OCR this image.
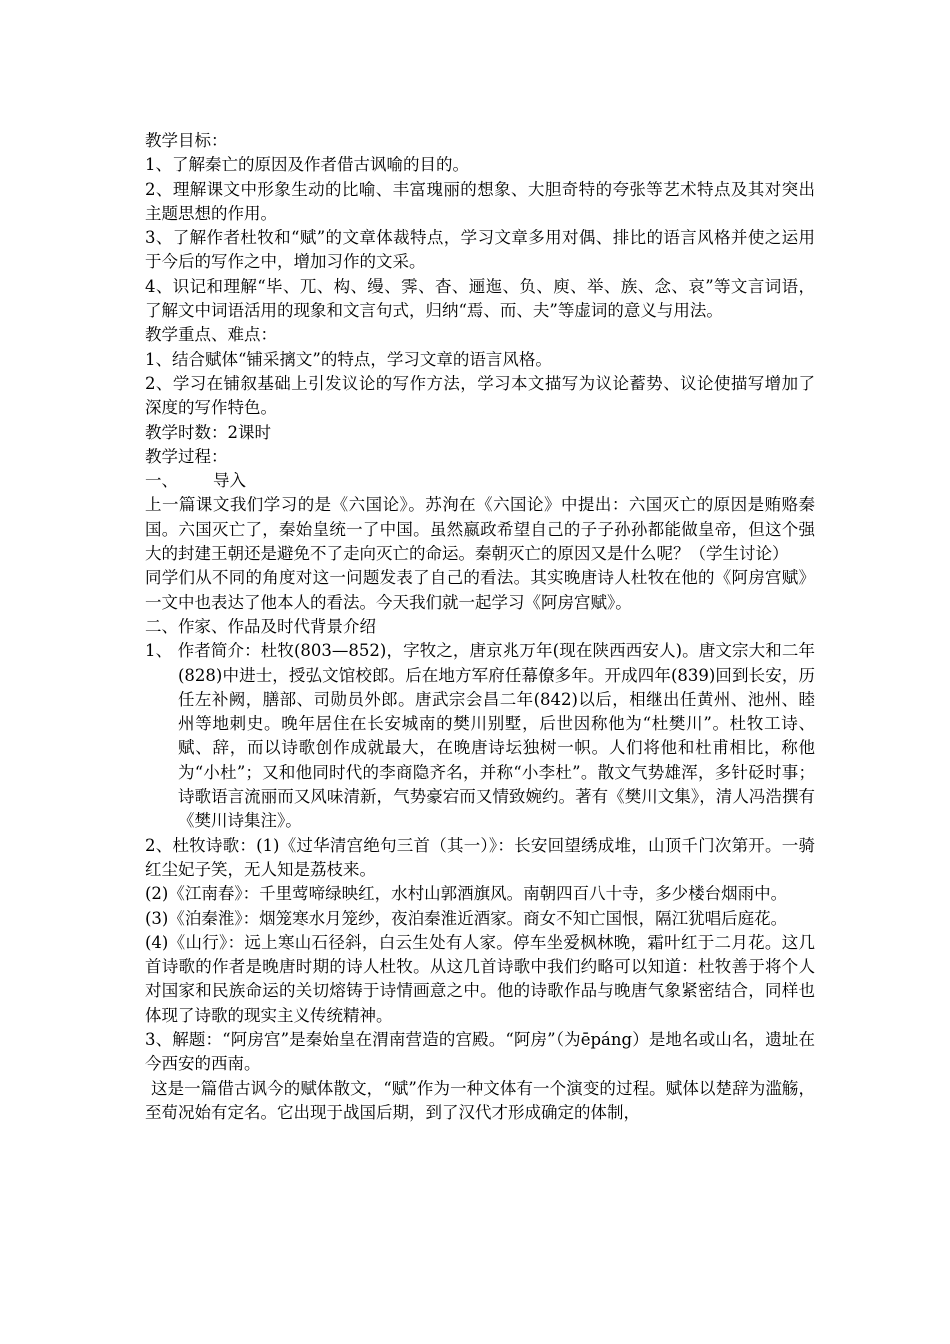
教学目标：
1、了解秦亡的原因及作者借古讽喻的目的。
2、理解课文中形象生动的比喻、丰富瑰丽的想象、大胆奇特的夸张等艺术特点及其对突出主题思想的作用。
3、了解作者杜牧和“赋”的文章体裁特点，学习文章多用对偶、排比的语言风格并使之运用于今后的写作之中，增加习作的文采。
4、识记和理解“毕、兀、构、缦、霁、杳、逦迤、负、庾、举、族、念、哀”等文言词语，了解文中词语活用的现象和文言句式，归纳“焉、而、夫”等虚词的意义与用法。
教学重点、难点：
1、结合赋体“铺采摛文”的特点，学习文章的语言风格。
2、学习在铺叙基础上引发议论的写作方法，学习本文描写为议论蓄势、议论使描写增加了深度的写作特色。
教学时数：2课时
教学过程：
一、 导入
上一篇课文我们学习的是《六国论》。苏洵在《六国论》中提出：六国灭亡的原因是贿赂秦国。六国灭亡了，秦始皇统一了中国。虽然嬴政希望自己的子子孙孙都能做皇帝，但这个强大的封建王朝还是避免不了走向灭亡的命运。秦朝灭亡的原因又是什么呢？（学生讨论）
同学们从不同的角度对这一问题发表了自己的看法。其实晚唐诗人杜牧在他的《阿房宫赋》一文中也表达了他本人的看法。今天我们就一起学习《阿房宫赋》。
二、作家、作品及时代背景介绍
1、 作者简介：杜牧(803—852)，字牧之，唐京兆万年(现在陕西西安人)。唐文宗大和二年(828)中进士，授弘文馆校郎。后在地方军府任幕僚多年。开成四年(839)回到长安，历任左补阙，膳部、司勋员外郎。唐武宗会昌二年(842)以后，相继出任黄州、池州、睦州等地刺史。晚年居住在长安城南的樊川别墅，后世因称他为“杜樊川”。杜牧工诗、赋、辞，而以诗歌创作成就最大，在晚唐诗坛独树一帜。人们将他和杜甫相比，称他为“小杜”；又和他同时代的李商隐齐名，并称“小李杜”。散文气势雄浑，多针砭时事；诗歌语言流丽而又风味清新，气势豪宕而又情致婉约。著有《樊川文集》，清人冯浩撰有《樊川诗集注》。
2、杜牧诗歌：(1)《过华清宫绝句三首（其一）》：长安回望绣成堆，山顶千门次第开。一骑红尘妃子笑，无人知是荔枝来。
(2)《江南春》：千里莺啼绿映红，水村山郭酒旗风。南朝四百八十寺，多少楼台烟雨中。
(3)《泊秦淮》：烟笼寒水月笼纱，夜泊秦淮近酒家。商女不知亡国恨，隔江犹唱后庭花。
(4)《山行》：远上寒山石径斜，白云生处有人家。停车坐爱枫林晚，霜叶红于二月花。这几首诗歌的作者是晚唐时期的诗人杜牧。从这几首诗歌中我们约略可以知道：杜牧善于将个人对国家和民族命运的关切熔铸于诗情画意之中。他的诗歌作品与晚唐气象紧密结合，同样也体现了诗歌的现实主义传统精神。
3、解题：“阿房宫”是秦始皇在渭南营造的宫殿。“阿房”（为ēpáng）是地名或山名，遗址在今西安的西南。
这是一篇借古讽今的赋体散文，“赋”作为一种文体有一个演变的过程。赋体以楚辞为滥觞，至荀况始有定名。它出现于战国后期，到了汉代才形成确定的体制，
